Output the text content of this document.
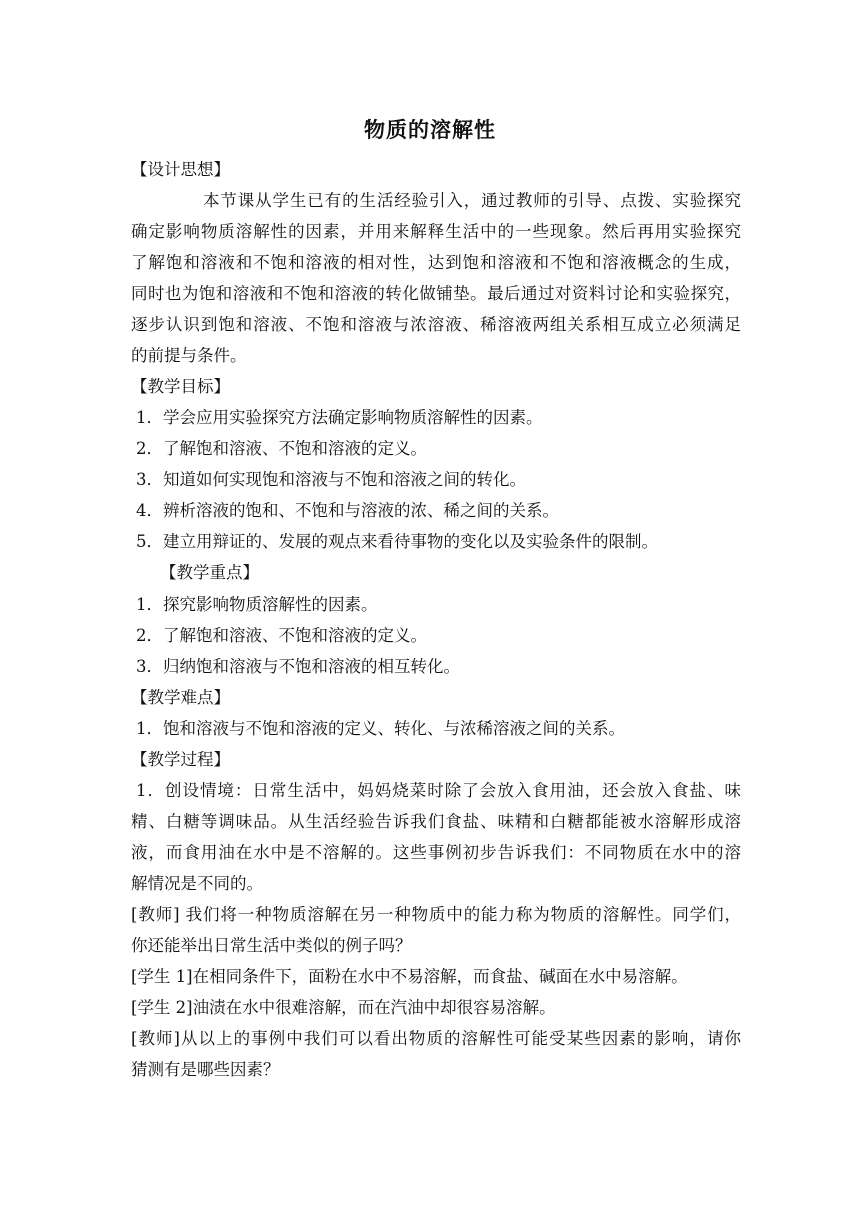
物质的溶解性
【设计思想】
本节课从学生已有的生活经验引入，通过教师的引导、点拨、实验探究
确定影响物质溶解性的因素，并用来解释生活中的一些现象。然后再用实验探究
了解饱和溶液和不饱和溶液的相对性，达到饱和溶液和不饱和溶液概念的生成，
同时也为饱和溶液和不饱和溶液的转化做铺垫。最后通过对资料讨论和实验探究，
逐步认识到饱和溶液、不饱和溶液与浓溶液、稀溶液两组关系相互成立必须满足
的前提与条件。
【教学目标】
1．学会应用实验探究方法确定影响物质溶解性的因素。
2．了解饱和溶液、不饱和溶液的定义。
3．知道如何实现饱和溶液与不饱和溶液之间的转化。
4．辨析溶液的饱和、不饱和与溶液的浓、稀之间的关系。
5．建立用辩证的、发展的观点来看待事物的变化以及实验条件的限制。
【教学重点】
1．探究影响物质溶解性的因素。
2．了解饱和溶液、不饱和溶液的定义。
3．归纳饱和溶液与不饱和溶液的相互转化。
【教学难点】
1．饱和溶液与不饱和溶液的定义、转化、与浓稀溶液之间的关系。
【教学过程】
1．创设情境：日常生活中，妈妈烧菜时除了会放入食用油，还会放入食盐、味
精、白糖等调味品。从生活经验告诉我们食盐、味精和白糖都能被水溶解形成溶
液，而食用油在水中是不溶解的。这些事例初步告诉我们：不同物质在水中的溶
解情况是不同的。
[教师] 我们将一种物质溶解在另一种物质中的能力称为物质的溶解性。同学们，
你还能举出日常生活中类似的例子吗？
[学生 1]在相同条件下，面粉在水中不易溶解，而食盐、碱面在水中易溶解。
[学生 2]油渍在水中很难溶解，而在汽油中却很容易溶解。
[教师]从以上的事例中我们可以看出物质的溶解性可能受某些因素的影响，请你
猜测有是哪些因素？
